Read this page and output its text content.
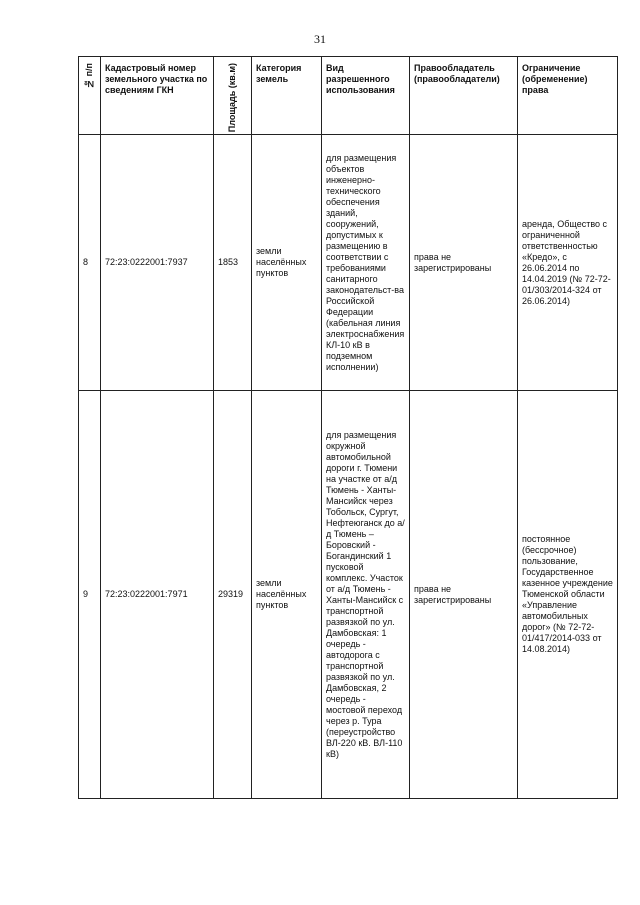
31
№ п/п	Кадастровый номер земельного участка по сведениям ГКН	Площадь (кв.м)	Категория земель	Вид разрешенного использования	Правообладатель (правообладатели)	Ограничение (обременение) права
8	72:23:0222001:7937	1853	земли населённых пунктов	для размещения объектов инженерно-технического обеспечения зданий, сооружений, допустимых к размещению в соответствии с требованиями санитарного законодательст-ва Российской Федерации (кабельная линия электроснабжения КЛ-10 кВ в подземном исполнении)	права не зарегистрированы	аренда, Общество с ограниченной ответственностью «Кредо», с 26.06.2014 по 14.04.2019 (№ 72-72-01/303/2014-324 от 26.06.2014)
9	72:23:0222001:7971	29319	земли населённых пунктов	для размещения окружной автомобильной дороги г. Тюмени на участке от а/д Тюмень - Ханты-Мансийск через Тобольск, Сургут, Нефтеюганск до а/д Тюмень – Боровский - Богандинский 1 пусковой комплекс. Участок от а/д Тюмень - Ханты-Мансийск с транспортной развязкой по ул. Дамбовская: 1 очередь - автодорога с транспортной развязкой по ул. Дамбовская, 2 очередь - мостовой переход через р. Тура (переустройство ВЛ-220 кВ. ВЛ-110 кВ)	права не зарегистрированы	постоянное (бессрочное) пользование, Государственное казенное учреждение Тюменской области «Управление автомобильных дорог» (№ 72-72-01/417/2014-033 от 14.08.2014)
